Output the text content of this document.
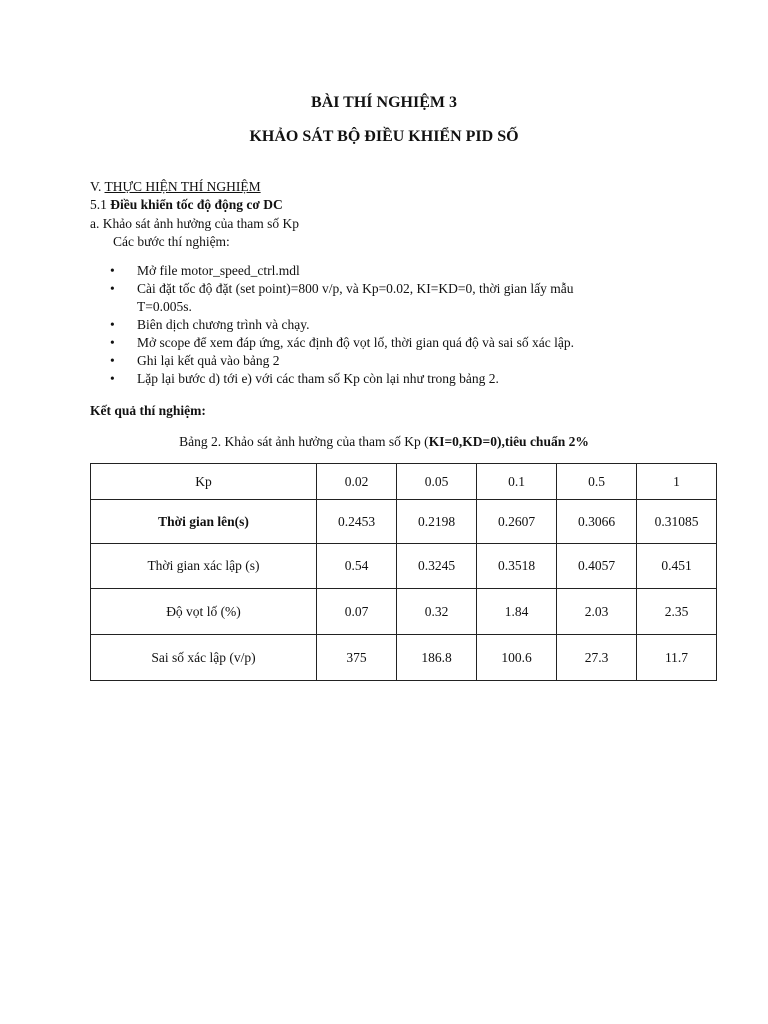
BÀI THÍ NGHIỆM 3
KHẢO SÁT BỘ ĐIỀU KHIỂN PID SỐ
V. THỰC HIỆN THÍ NGHIỆM
5.1 Điều khiển tốc độ động cơ DC
a. Khảo sát ảnh hưởng của tham số Kp
Các bước thí nghiệm:
• Mở file motor_speed_ctrl.mdl
• Cài đặt tốc độ đặt (set point)=800 v/p, và Kp=0.02, KI=KD=0, thời gian lấy mẫu
T=0.005s.
• Biên dịch chương trình và chạy.
• Mở scope để xem đáp ứng, xác định độ vọt lố, thời gian quá độ và sai số xác lập.
• Ghi lại kết quả vào bảng 2
• Lặp lại bước d) tới e) với các tham số Kp còn lại như trong bảng 2.
Kết quả thí nghiệm:
Bảng 2. Khảo sát ảnh hưởng của tham số Kp (KI=0,KD=0),tiêu chuẩn 2%
Kp	0.02	0.05	0.1	0.5	1
Thời gian lên(s)	0.2453	0.2198	0.2607	0.3066	0.31085
Thời gian xác lập (s)	0.54	0.3245	0.3518	0.4057	0.451
Độ vọt lố (%)	0.07	0.32	1.84	2.03	2.35
Sai số xác lập (v/p)	375	186.8	100.6	27.3	11.7
